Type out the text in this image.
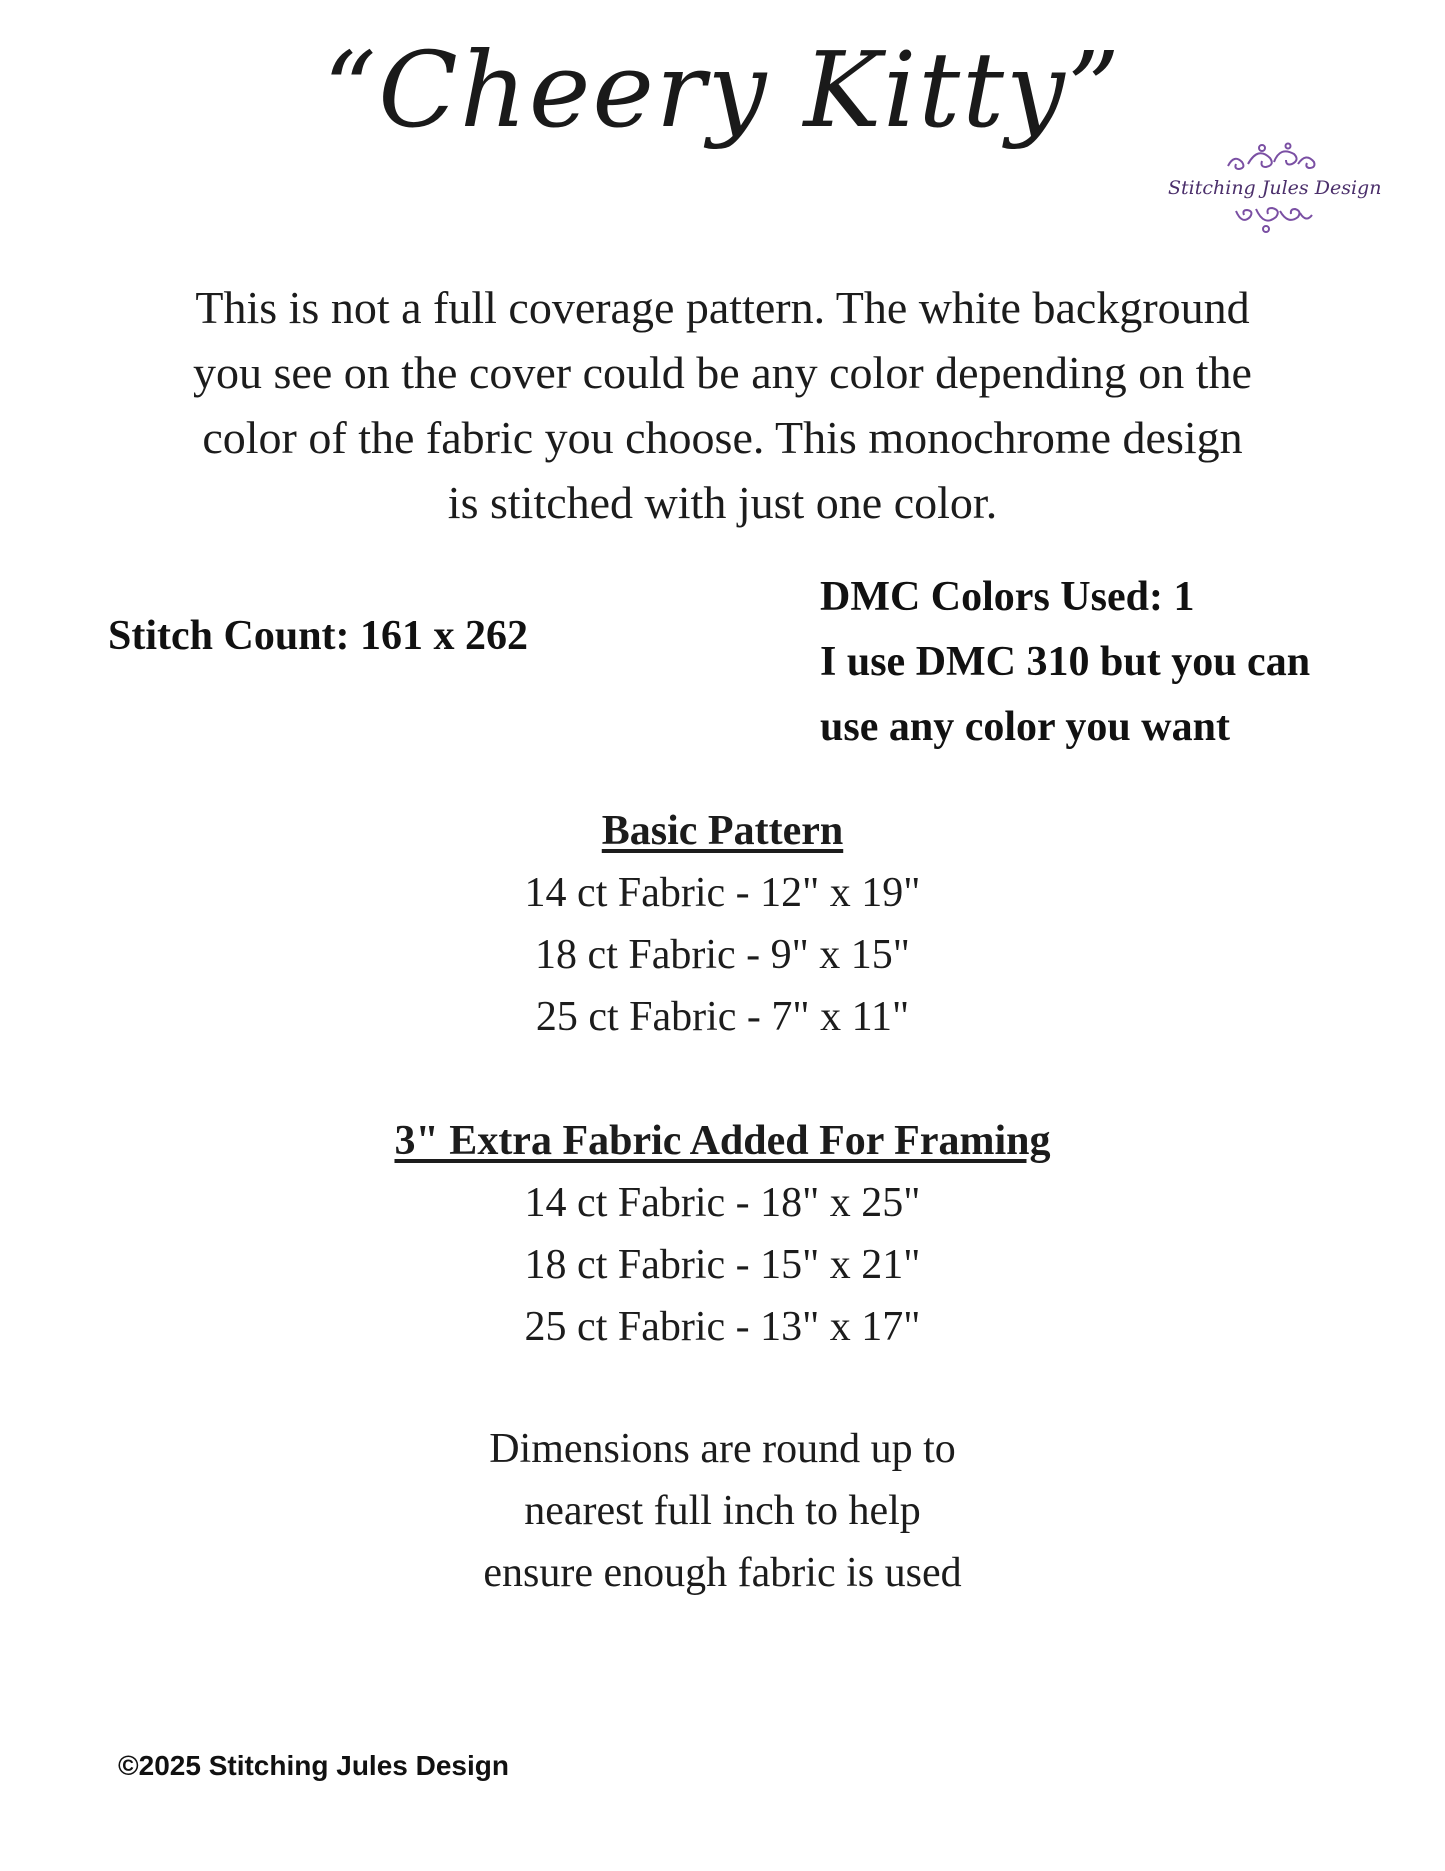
“Cheery Kitty”
Stitching Jules Design
This is not a full coverage pattern. The white background
you see on the cover could be any color depending on the
color of the fabric you choose. This monochrome design
is stitched with just one color.
Stitch Count: 161 x 262
DMC Colors Used: 1
I use DMC 310 but you can
use any color you want
Basic Pattern
14 ct Fabric - 12" x 19"
18 ct Fabric - 9" x 15"
25 ct Fabric - 7" x 11"
3" Extra Fabric Added For Framing
14 ct Fabric - 18" x 25"
18 ct Fabric - 15" x 21"
25 ct Fabric - 13" x 17"
Dimensions are round up to
nearest full inch to help
ensure enough fabric is used
©2025 Stitching Jules Design
